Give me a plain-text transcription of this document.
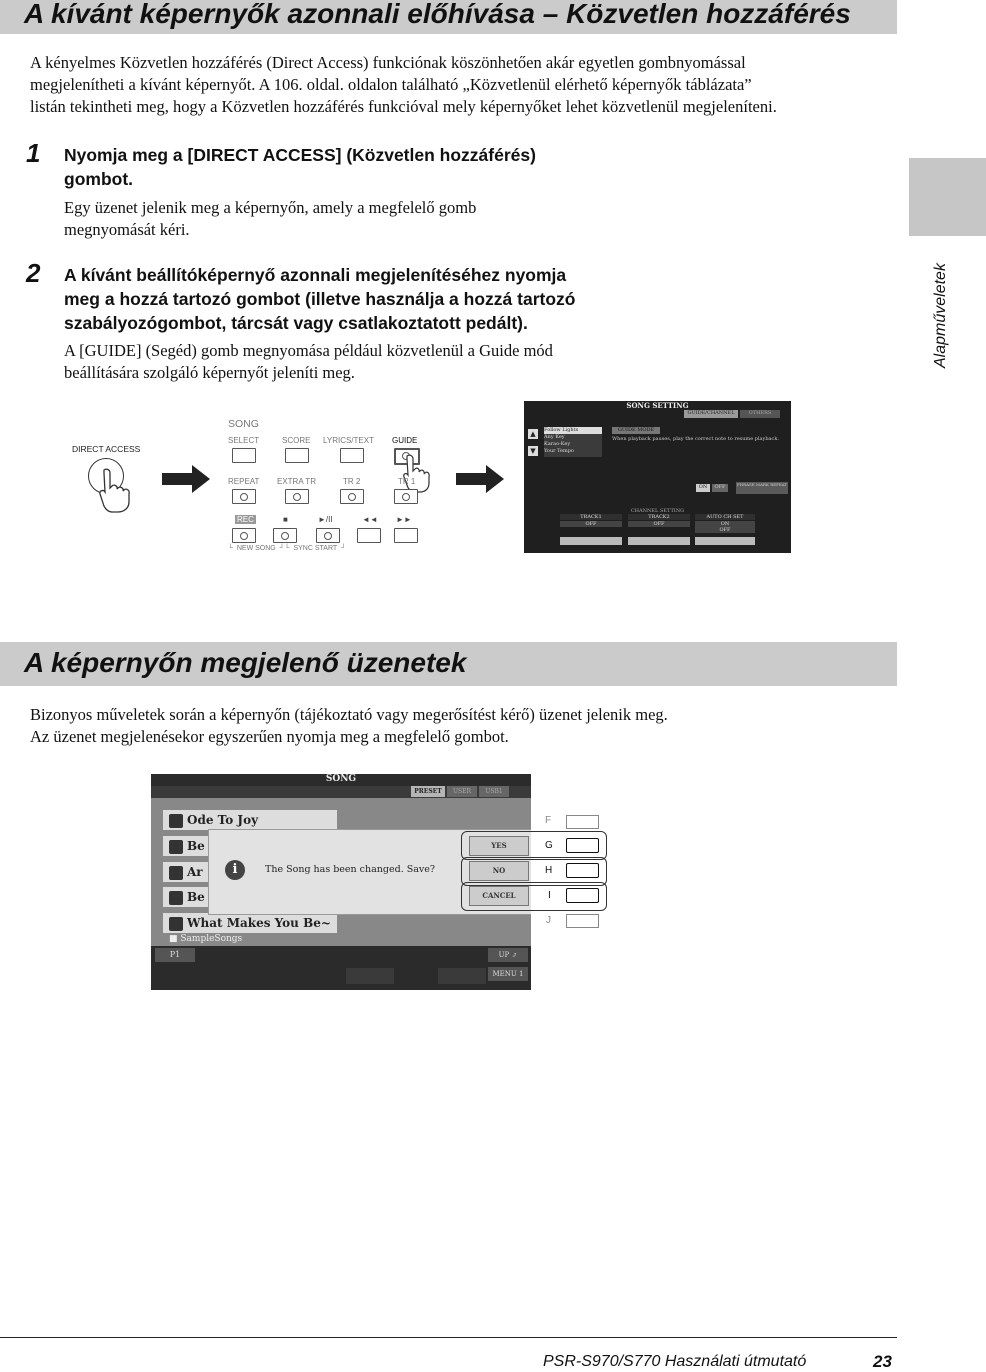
A kívánt képernyők azonnali előhívása – Közvetlen hozzáférés
A kényelmes Közvetlen hozzáférés (Direct Access) funkciónak köszönhetően akár egyetlen gombnyomással
megjelenítheti a kívánt képernyőt. A 106. oldal. oldalon található „Közvetlenül elérhető képernyők táblázata”
listán tekintheti meg, hogy a Közvetlen hozzáférés funkcióval mely képernyőket lehet közvetlenül megjeleníteni.
1 Nyomja meg a [DIRECT ACCESS] (Közvetlen hozzáférés)
gombot.
Egy üzenet jelenik meg a képernyőn, amely a megfelelő gomb
megnyomását kéri.
2 A kívánt beállítóképernyő azonnali megjelenítéséhez nyomja
meg a hozzá tartozó gombot (illetve használja a hozzá tartozó
szabályozógombot, tárcsát vagy csatlakoztatott pedált).
A [GUIDE] (Segéd) gomb megnyomása például közvetlenül a Guide mód
beállítására szolgáló képernyőt jeleníti meg.
DIRECT ACCESS
SONG
SELECT	SCORE LYRICS/TEXT GUIDE
REPEAT EXTRA TR	TR 2	TR 1
REC	■	►/II	◄◄ ►►
└  NEW SONG  ┘└  SYNC START  ┘
SONG SETTING
GUIDE/CHANNEL	OTHERS
▲
▼
Follow Lights
Any Key
Karao-Key
Your Tempo
GUIDE MODE
When playback pauses, play the correct note to resume playback.
ON	OFF	PHRASE MARK REPEAT
CHANNEL SETTING
TRACK1
OFF
TRACK2
OFF
AUTO CH SET
ON
OFF
A képernyőn megjelenő üzenetek
Bizonyos műveletek során a képernyőn (tájékoztató vagy megerősítést kérő) üzenet jelenik meg.
Az üzenet megjelenésekor egyszerűen nyomja meg a megfelelő gombot.
SONG
PRESET	USER	USB1
Ode To Joy
Be
Ar
Be
What Makes You Be~
■ SampleSongs
i	The Song has been changed. Save?
YES
NO
CANCEL
P1	UP ⤴
MENU 1
F
G
H
I
J
Alapműveletek
PSR-S970/S770 Használati útmutató	23
